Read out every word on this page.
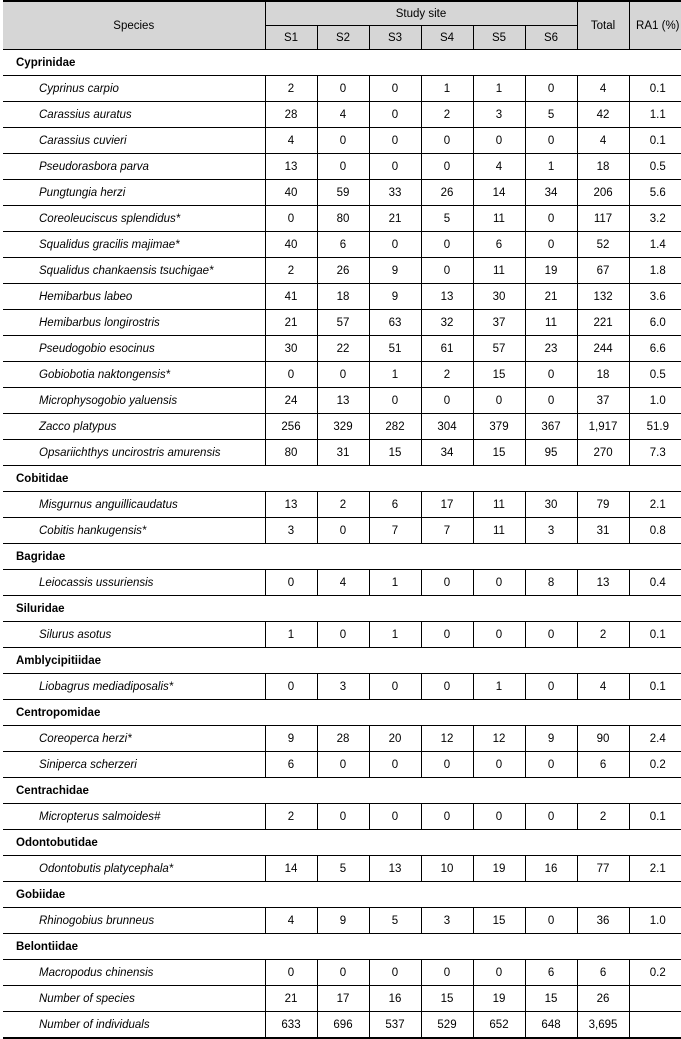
Species	Study site						Total	RA1 (%)
	S1	S2	S3	S4	S5	S6		
Cyprinidae								
Cyprinus carpio	2	0	0	1	1	0	4	0.1
Carassius auratus	28	4	0	2	3	5	42	1.1
Carassius cuvieri	4	0	0	0	0	0	4	0.1
Pseudorasbora parva	13	0	0	0	4	1	18	0.5
Pungtungia herzi	40	59	33	26	14	34	206	5.6
Coreoleuciscus splendidus*	0	80	21	5	11	0	117	3.2
Squalidus gracilis majimae*	40	6	0	0	6	0	52	1.4
Squalidus chankaensis tsuchigae*	2	26	9	0	11	19	67	1.8
Hemibarbus labeo	41	18	9	13	30	21	132	3.6
Hemibarbus longirostris	21	57	63	32	37	11	221	6.0
Pseudogobio esocinus	30	22	51	61	57	23	244	6.6
Gobiobotia naktongensis*	0	0	1	2	15	0	18	0.5
Microphysogobio yaluensis	24	13	0	0	0	0	37	1.0
Zacco platypus	256	329	282	304	379	367	1,917	51.9
Opsariichthys uncirostris amurensis	80	31	15	34	15	95	270	7.3
Cobitidae								
Misgurnus anguillicaudatus	13	2	6	17	11	30	79	2.1
Cobitis hankugensis*	3	0	7	7	11	3	31	0.8
Bagridae								
Leiocassis ussuriensis	0	4	1	0	0	8	13	0.4
Siluridae								
Silurus asotus	1	0	1	0	0	0	2	0.1
Amblycipitiidae								
Liobagrus mediadiposalis*	0	3	0	0	1	0	4	0.1
Centropomidae								
Coreoperca herzi*	9	28	20	12	12	9	90	2.4
Siniperca scherzeri	6	0	0	0	0	0	6	0.2
Centrachidae								
Micropterus salmoides#	2	0	0	0	0	0	2	0.1
Odontobutidae								
Odontobutis platycephala*	14	5	13	10	19	16	77	2.1
Gobiidae								
Rhinogobius brunneus	4	9	5	3	15	0	36	1.0
Belontiidae								
Macropodus chinensis	0	0	0	0	0	6	6	0.2
Number of species	21	17	16	15	19	15	26	
Number of individuals	633	696	537	529	652	648	3,695	
